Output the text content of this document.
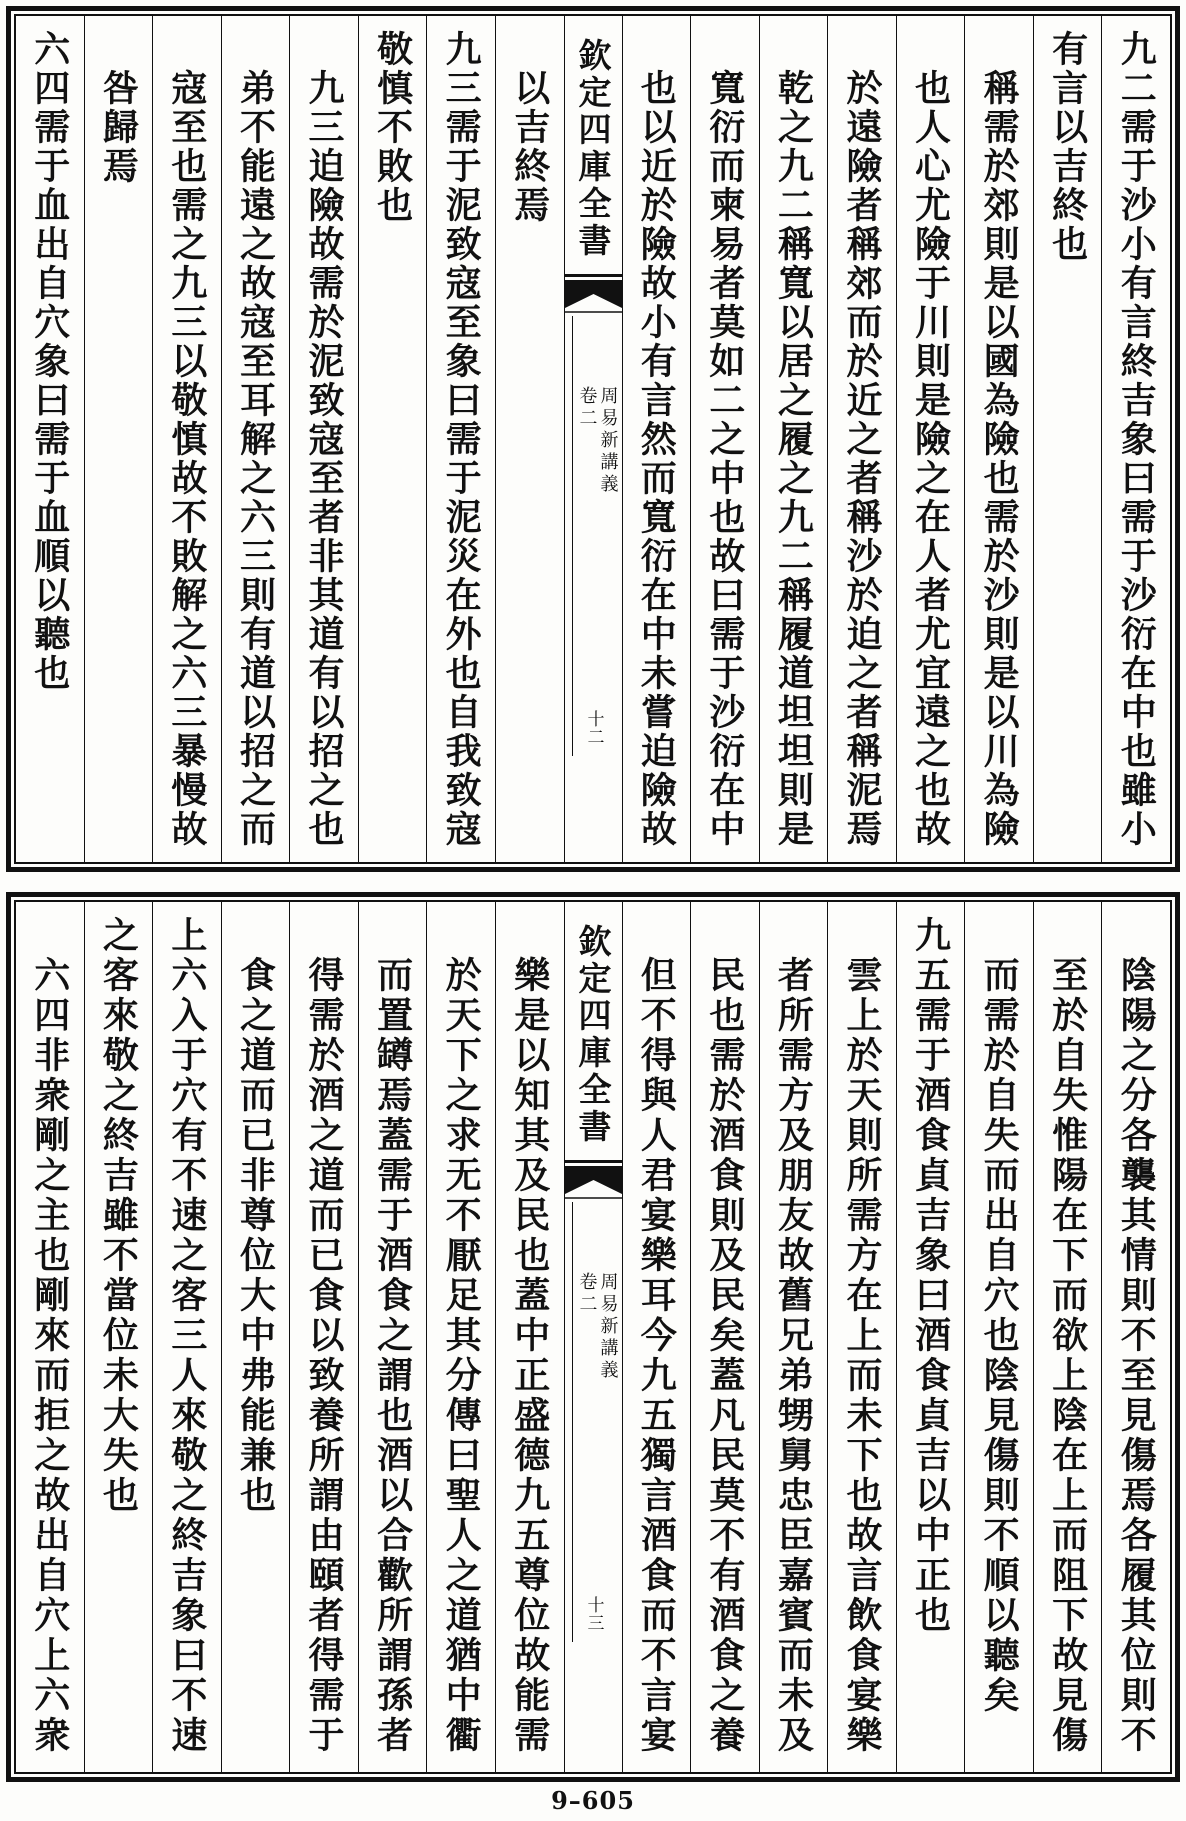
九二需于沙小有言終吉象曰需于沙衍在中也雖小
有言以吉終也
稱需於郊則是以國為險也需於沙則是以川為險
也人心尤險于川則是險之在人者尤宜遠之也故
於遠險者稱郊而於近之者稱沙於迫之者稱泥焉
乾之九二稱寬以居之履之九二稱履道坦坦則是
寬衍而柬易者莫如二之中也故曰需于沙衍在中
也以近於險故小有言然而寬衍在中未嘗迫險故
欽定四庫全書
周易新講義
卷二
十二
以吉終焉
九三需于泥致寇至象曰需于泥災在外也自我致寇
敬慎不敗也
九三迫險故需於泥致寇至者非其道有以招之也
弟不能遠之故寇至耳解之六三則有道以招之而
寇至也需之九三以敬慎故不敗解之六三暴慢故
咎歸焉
六四需于血出自穴象曰需于血順以聽也
陰陽之分各襲其情則不至見傷焉各履其位則不
至於自失惟陽在下而欲上陰在上而阻下故見傷
而需於自失而出自穴也陰見傷則不順以聽矣
九五需于酒食貞吉象曰酒食貞吉以中正也
雲上於天則所需方在上而未下也故言飲食宴樂
者所需方及朋友故舊兄弟甥舅忠臣嘉賓而未及
民也需於酒食則及民矣蓋凡民莫不有酒食之養
但不得與人君宴樂耳今九五獨言酒食而不言宴
欽定四庫全書
周易新講義
卷二
十三
樂是以知其及民也蓋中正盛德九五尊位故能需
於天下之求无不厭足其分傳曰聖人之道猶中衢
而置罇焉蓋需于酒食之謂也酒以合歡所謂孫者
得需於酒之道而已食以致養所謂由頤者得需于
食之道而已非尊位大中弗能兼也
上六入于穴有不速之客三人來敬之終吉象曰不速
之客來敬之終吉雖不當位未大失也
六四非衆剛之主也剛來而拒之故出自穴上六衆
9–605
